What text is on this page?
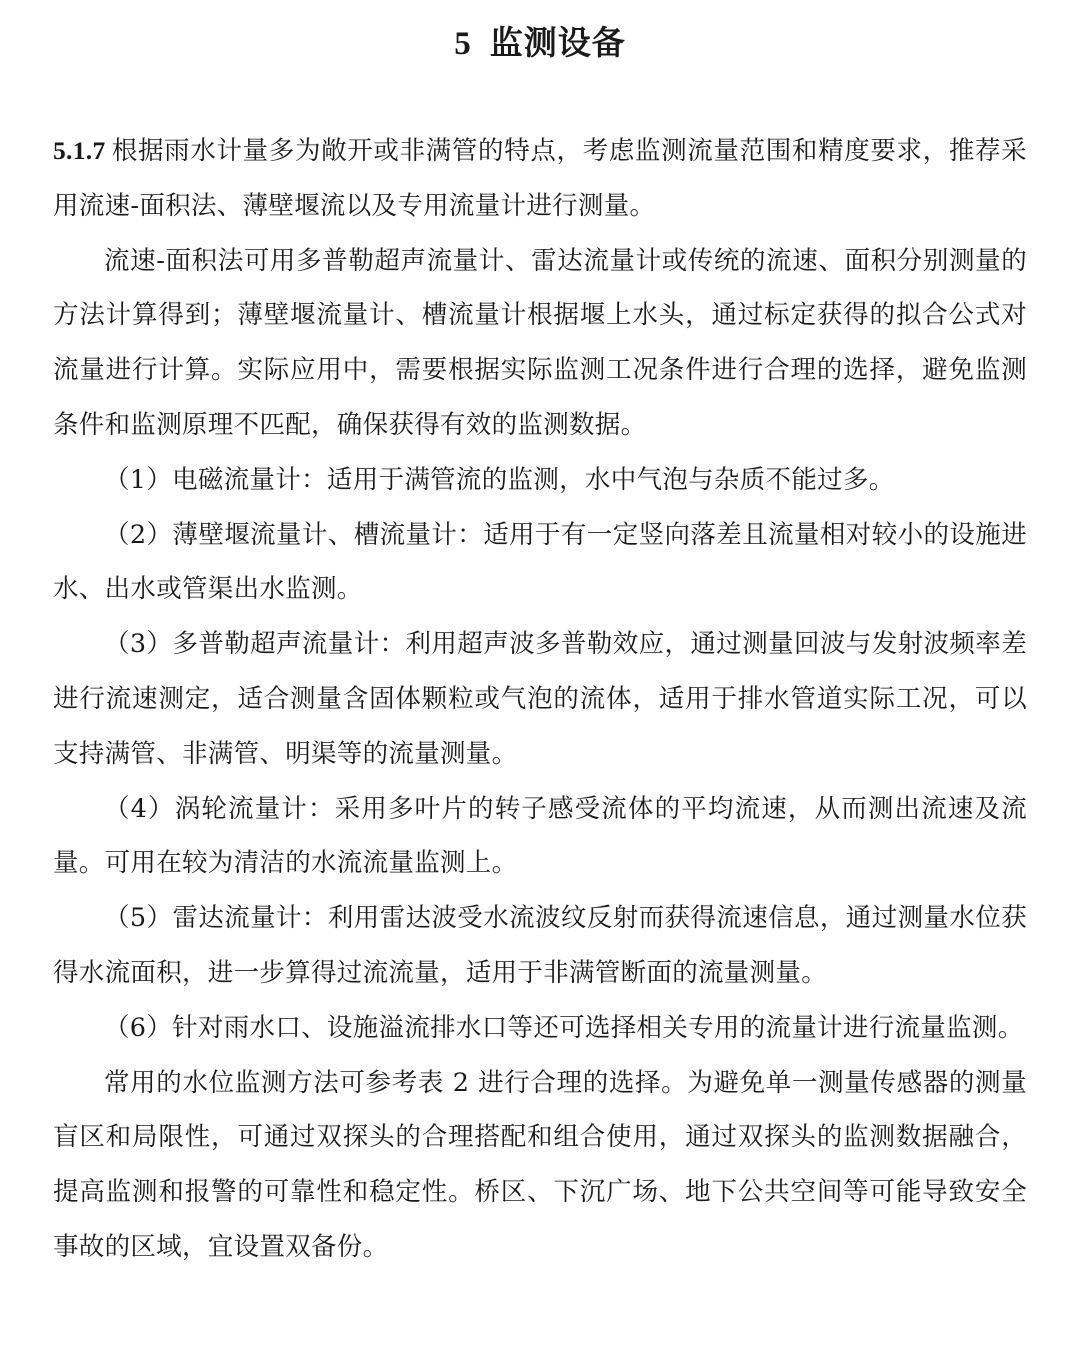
5 监测设备

5.1.7 根据雨水计量多为敞开或非满管的特点，考虑监测流量范围和精度要求，推荐采用流速-面积法、薄壁堰流以及专用流量计进行测量。

流速-面积法可用多普勒超声流量计、雷达流量计或传统的流速、面积分别测量的方法计算得到；薄壁堰流量计、槽流量计根据堰上水头，通过标定获得的拟合公式对流量进行计算。实际应用中，需要根据实际监测工况条件进行合理的选择，避免监测条件和监测原理不匹配，确保获得有效的监测数据。

（1）电磁流量计：适用于满管流的监测，水中气泡与杂质不能过多。

（2）薄壁堰流量计、槽流量计：适用于有一定竖向落差且流量相对较小的设施进水、出水或管渠出水监测。

（3）多普勒超声流量计：利用超声波多普勒效应，通过测量回波与发射波频率差进行流速测定，适合测量含固体颗粒或气泡的流体，适用于排水管道实际工况，可以支持满管、非满管、明渠等的流量测量。

（4）涡轮流量计：采用多叶片的转子感受流体的平均流速，从而测出流速及流量。可用在较为清洁的水流流量监测上。

（5）雷达流量计：利用雷达波受水流波纹反射而获得流速信息，通过测量水位获得水流面积，进一步算得过流流量，适用于非满管断面的流量测量。

（6）针对雨水口、设施溢流排水口等还可选择相关专用的流量计进行流量监测。

常用的水位监测方法可参考表 2 进行合理的选择。为避免单一测量传感器的测量盲区和局限性，可通过双探头的合理搭配和组合使用，通过双探头的监测数据融合，提高监测和报警的可靠性和稳定性。桥区、下沉广场、地下公共空间等可能导致安全事故的区域，宜设置双备份。
